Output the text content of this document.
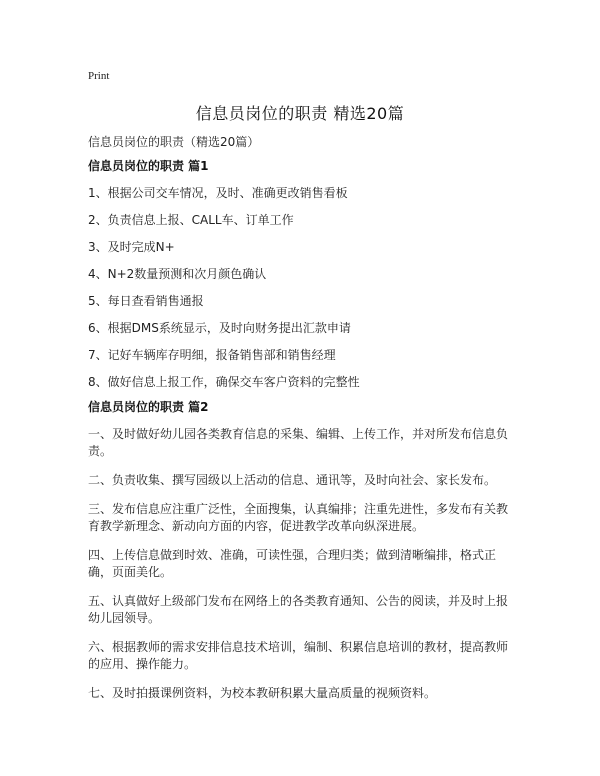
Print
信息员岗位的职责 精选20篇
信息员岗位的职责（精选20篇）

信息员岗位的职责 篇1

1、根据公司交车情况，及时、准确更改销售看板

2、负责信息上报、CALL车、订单工作

3、及时完成N+

4、N+2数量预测和次月颜色确认

5、每日查看销售通报

6、根据DMS系统显示，及时向财务提出汇款申请

7、记好车辆库存明细，报备销售部和销售经理

8、做好信息上报工作，确保交车客户资料的完整性

信息员岗位的职责 篇2

一、及时做好幼儿园各类教育信息的采集、编辑、上传工作，并对所发布信息负责。

二、负责收集、撰写园级以上活动的信息、通讯等，及时向社会、家长发布。

三、发布信息应注重广泛性，全面搜集，认真编排；注重先进性，多发布有关教育教学新理念、新动向方面的内容，促进教学改革向纵深进展。

四、上传信息做到时效、准确，可读性强，合理归类；做到清晰编排，格式正确，页面美化。

五、认真做好上级部门发布在网络上的各类教育通知、公告的阅读，并及时上报幼儿园领导。

六、根据教师的需求安排信息技术培训，编制、积累信息培训的教材，提高教师的应用、操作能力。

七、及时拍摄课例资料，为校本教研积累大量高质量的视频资料。
